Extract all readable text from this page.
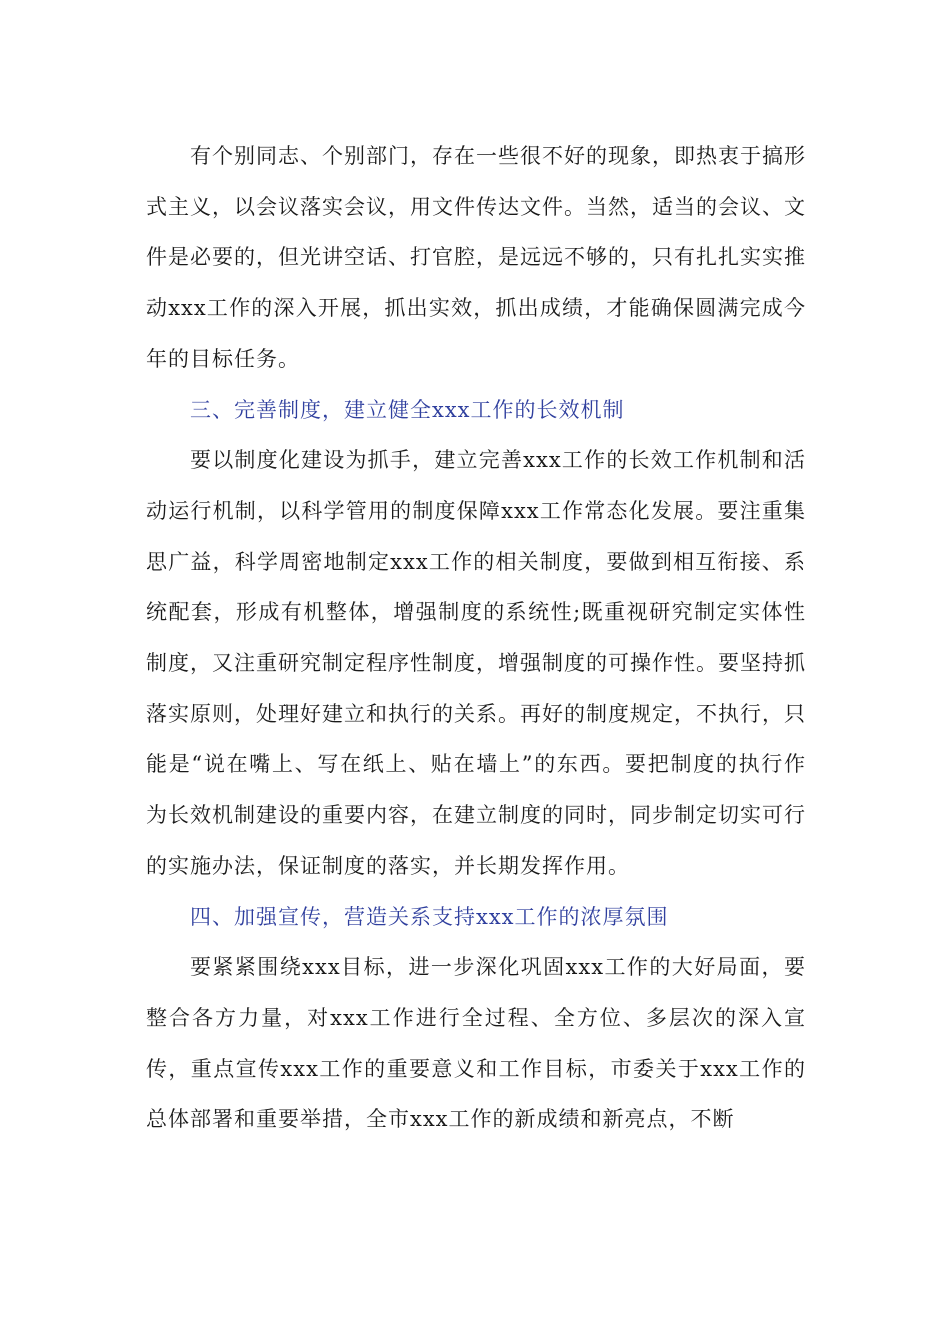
有个别同志、个别部门，存在一些很不好的现象，即热衷于搞形式主义，以会议落实会议，用文件传达文件。当然，适当的会议、文件是必要的，但光讲空话、打官腔，是远远不够的，只有扎扎实实推动xxx工作的深入开展，抓出实效，抓出成绩，才能确保圆满完成今年的目标任务。

三、完善制度，建立健全xxx工作的长效机制

要以制度化建设为抓手，建立完善xxx工作的长效工作机制和活动运行机制，以科学管用的制度保障xxx工作常态化发展。要注重集思广益，科学周密地制定xxx工作的相关制度，要做到相互衔接、系统配套，形成有机整体，增强制度的系统性;既重视研究制定实体性制度，又注重研究制定程序性制度，增强制度的可操作性。要坚持抓落实原则，处理好建立和执行的关系。再好的制度规定，不执行，只能是“说在嘴上、写在纸上、贴在墙上”的东西。要把制度的执行作为长效机制建设的重要内容，在建立制度的同时，同步制定切实可行的实施办法，保证制度的落实，并长期发挥作用。

四、加强宣传，营造关系支持xxx工作的浓厚氛围

要紧紧围绕xxx目标，进一步深化巩固xxx工作的大好局面，要整合各方力量，对xxx工作进行全过程、全方位、多层次的深入宣传，重点宣传xxx工作的重要意义和工作目标，市委关于xxx工作的总体部署和重要举措，全市xxx工作的新成绩和新亮点，不断
